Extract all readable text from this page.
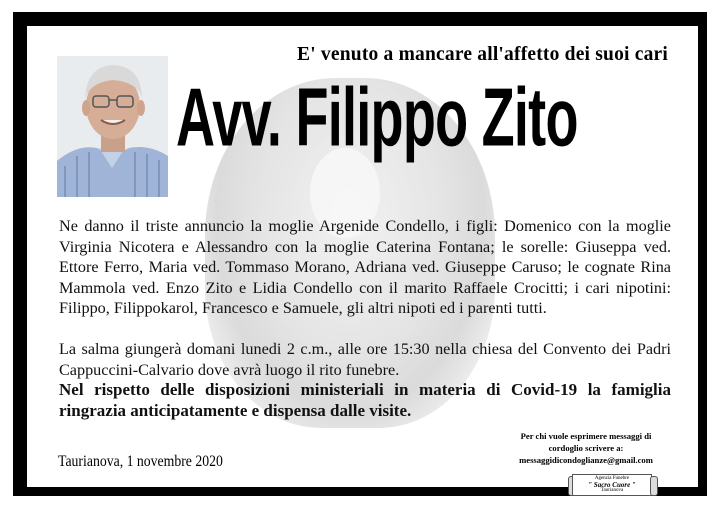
E' venuto a mancare all'affetto dei suoi cari
Avv. Filippo Zito

Ne danno il triste annuncio la moglie Argenide Condello, i figli: Domenico con la moglie Virginia Nicotera e Alessandro con la moglie Caterina Fontana; le sorelle: Giuseppa ved. Ettore Ferro, Maria ved. Tommaso Morano, Adriana ved. Giuseppe Caruso; le cognate Rina Mammola ved. Enzo Zito e Lidia Condello con il marito Raffaele Crocitti; i cari nipotini: Filippo, Filippokarol, Francesco e Samuele, gli altri nipoti ed i parenti tutti.

La salma giungerà domani lunedi 2 c.m., alle ore 15:30 nella chiesa del Convento dei Padri Cappuccini-Calvario dove avrà luogo il rito funebre.

Nel rispetto delle disposizioni ministeriali in materia di Covid-19 la famiglia ringrazia anticipatamente e dispensa dalle visite.

Taurianova, 1 novembre 2020
Per chi vuole esprimere messaggi di
cordoglio scrivere a:
messaggidicondoglianze@gmail.com
Agenzia Funebre
" Sacro Cuore "
Taurianova
